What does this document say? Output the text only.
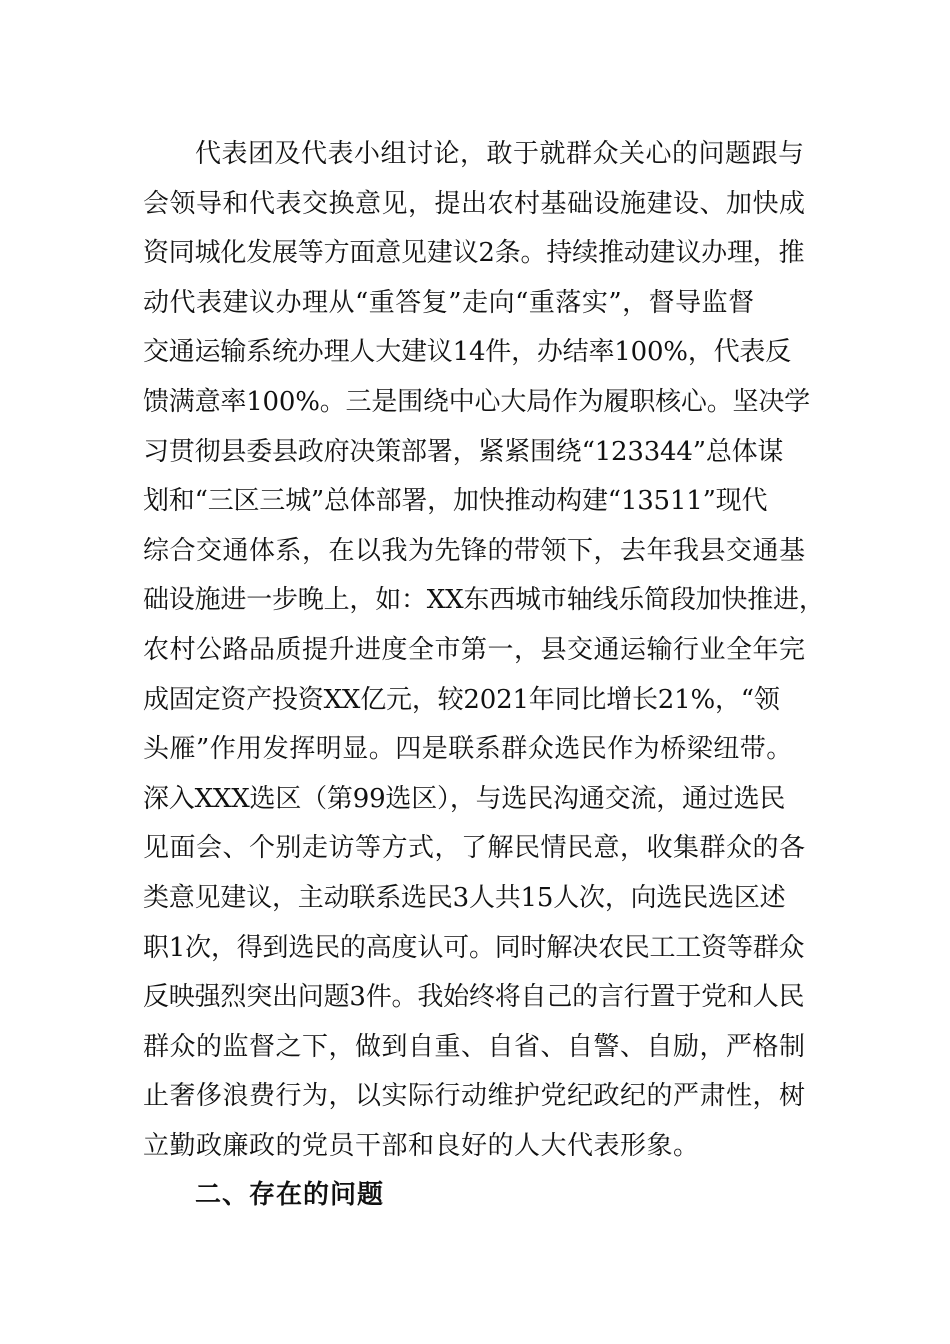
代表团及代表小组讨论，敢于就群众关心的问题跟与
会领导和代表交换意见，提出农村基础设施建设、加快成
资同城化发展等方面意见建议2条。持续推动建议办理，推
动代表建议办理从“重答复”走向“重落实”，督导监督
交通运输系统办理人大建议14件，办结率100%，代表反
馈满意率100%。三是围绕中心大局作为履职核心。坚决学
习贯彻县委县政府决策部署，紧紧围绕“123344”总体谋
划和“三区三城”总体部署，加快推动构建“13511”现代
综合交通体系，在以我为先锋的带领下，去年我县交通基
础设施进一步晚上，如：XX东西城市轴线乐简段加快推进，
农村公路品质提升进度全市第一，县交通运输行业全年完
成固定资产投资XX亿元，较2021年同比增长21%，“领
头雁”作用发挥明显。四是联系群众选民作为桥梁纽带。
深入XXX选区（第99选区），与选民沟通交流，通过选民
见面会、个别走访等方式，了解民情民意，收集群众的各
类意见建议，主动联系选民3人共15人次，向选民选区述
职1次，得到选民的高度认可。同时解决农民工工资等群众
反映强烈突出问题3件。我始终将自己的言行置于党和人民
群众的监督之下，做到自重、自省、自警、自励，严格制
止奢侈浪费行为，以实际行动维护党纪政纪的严肃性，树
立勤政廉政的党员干部和良好的人大代表形象。
二、存在的问题
